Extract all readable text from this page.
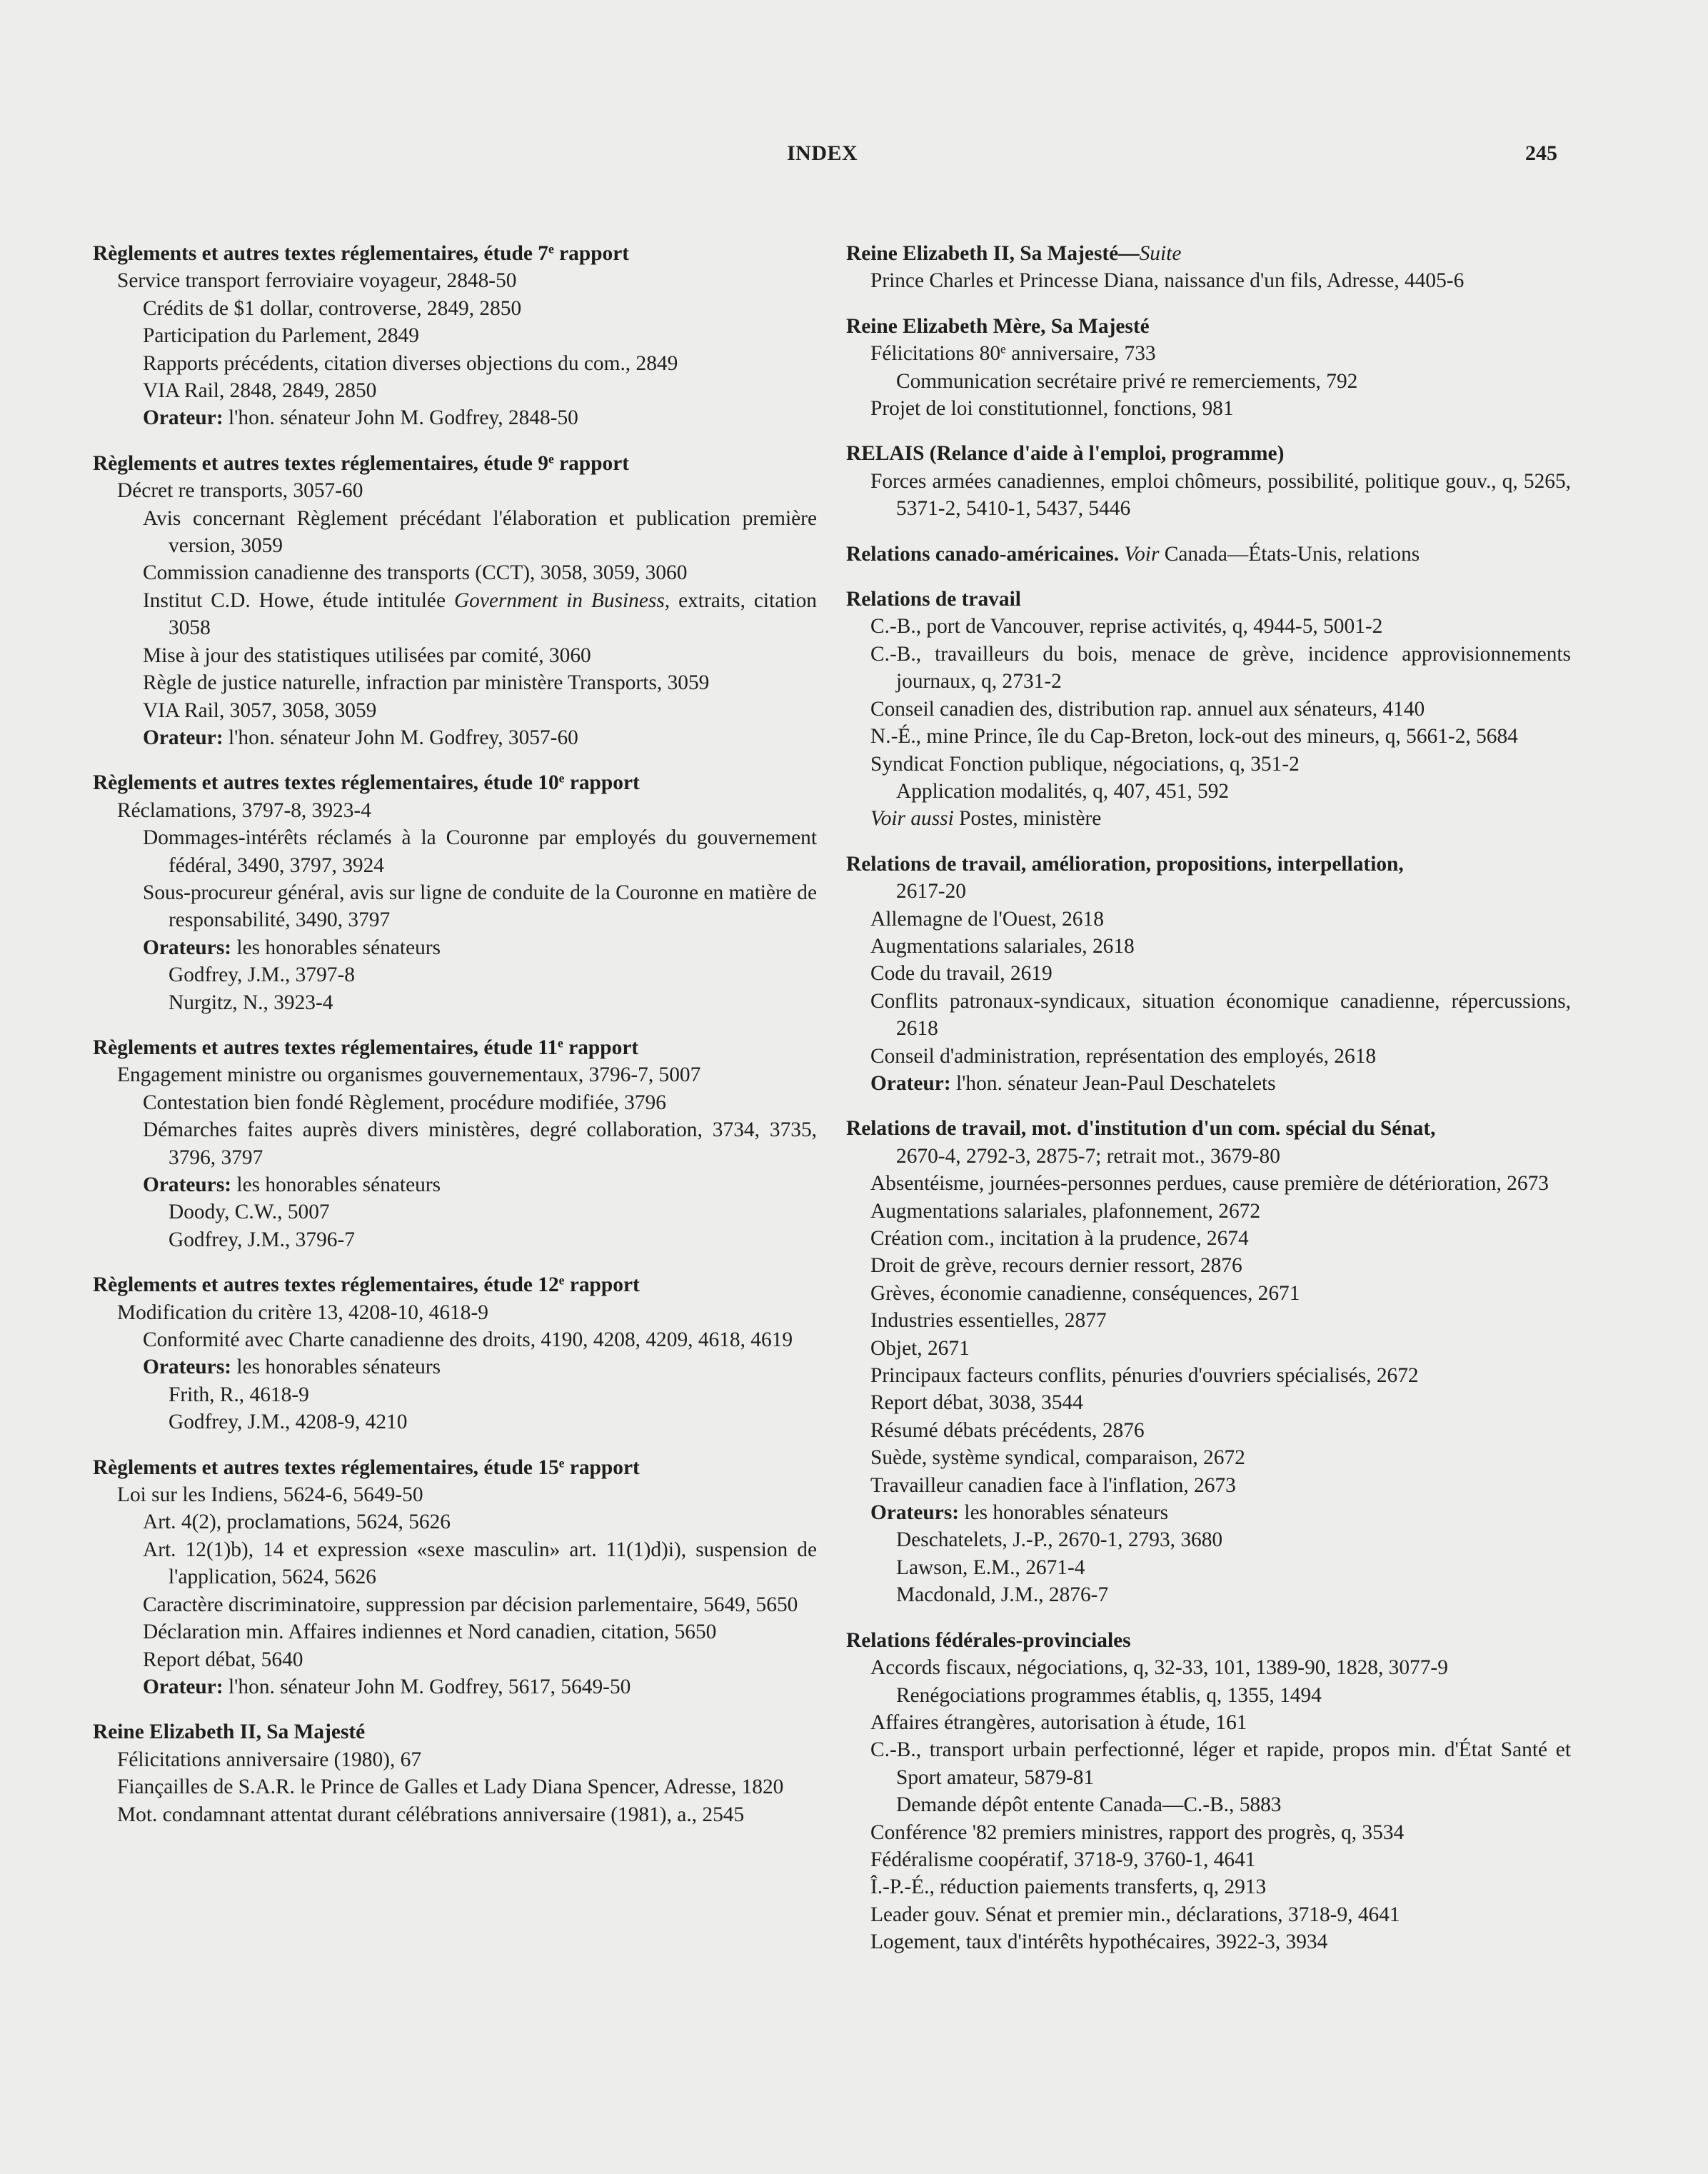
INDEX	245
Règlements et autres textes réglementaires, étude 7e rapport
Service transport ferroviaire voyageur, 2848-50
Crédits de $1 dollar, controverse, 2849, 2850
Participation du Parlement, 2849
Rapports précédents, citation diverses objections du com., 2849
VIA Rail, 2848, 2849, 2850
Orateur: l'hon. sénateur John M. Godfrey, 2848-50
Règlements et autres textes réglementaires, étude 9e rapport
Décret re transports, 3057-60
Avis concernant Règlement précédant l'élaboration et publication première version, 3059
Commission canadienne des transports (CCT), 3058, 3059, 3060
Institut C.D. Howe, étude intitulée Government in Business, extraits, citation 3058
Mise à jour des statistiques utilisées par comité, 3060
Règle de justice naturelle, infraction par ministère Transports, 3059
VIA Rail, 3057, 3058, 3059
Orateur: l'hon. sénateur John M. Godfrey, 3057-60
Règlements et autres textes réglementaires, étude 10e rapport
Réclamations, 3797-8, 3923-4
Dommages-intérêts réclamés à la Couronne par employés du gouvernement fédéral, 3490, 3797, 3924
Sous-procureur général, avis sur ligne de conduite de la Couronne en matière de responsabilité, 3490, 3797
Orateurs: les honorables sénateurs
Godfrey, J.M., 3797-8
Nurgitz, N., 3923-4
Règlements et autres textes réglementaires, étude 11e rapport
Engagement ministre ou organismes gouvernementaux, 3796-7, 5007
Contestation bien fondé Règlement, procédure modifiée, 3796
Démarches faites auprès divers ministères, degré collaboration, 3734, 3735, 3796, 3797
Orateurs: les honorables sénateurs
Doody, C.W., 5007
Godfrey, J.M., 3796-7
Règlements et autres textes réglementaires, étude 12e rapport
Modification du critère 13, 4208-10, 4618-9
Conformité avec Charte canadienne des droits, 4190, 4208, 4209, 4618, 4619
Orateurs: les honorables sénateurs
Frith, R., 4618-9
Godfrey, J.M., 4208-9, 4210
Règlements et autres textes réglementaires, étude 15e rapport
Loi sur les Indiens, 5624-6, 5649-50
Art. 4(2), proclamations, 5624, 5626
Art. 12(1)b), 14 et expression «sexe masculin» art. 11(1)d)i), suspension de l'application, 5624, 5626
Caractère discriminatoire, suppression par décision parlementaire, 5649, 5650
Déclaration min. Affaires indiennes et Nord canadien, citation, 5650
Report débat, 5640
Orateur: l'hon. sénateur John M. Godfrey, 5617, 5649-50
Reine Elizabeth II, Sa Majesté
Félicitations anniversaire (1980), 67
Fiançailles de S.A.R. le Prince de Galles et Lady Diana Spencer, Adresse, 1820
Mot. condamnant attentat durant célébrations anniversaire (1981), a., 2545
Reine Elizabeth II, Sa Majesté—Suite
Prince Charles et Princesse Diana, naissance d'un fils, Adresse, 4405-6
Reine Elizabeth Mère, Sa Majesté
Félicitations 80e anniversaire, 733
Communication secrétaire privé re remerciements, 792
Projet de loi constitutionnel, fonctions, 981
RELAIS (Relance d'aide à l'emploi, programme)
Forces armées canadiennes, emploi chômeurs, possibilité, politique gouv., q, 5265, 5371-2, 5410-1, 5437, 5446
Relations canado-américaines. Voir Canada—États-Unis, relations
Relations de travail
C.-B., port de Vancouver, reprise activités, q, 4944-5, 5001-2
C.-B., travailleurs du bois, menace de grève, incidence approvisionnements journaux, q, 2731-2
Conseil canadien des, distribution rap. annuel aux sénateurs, 4140
N.-É., mine Prince, île du Cap-Breton, lock-out des mineurs, q, 5661-2, 5684
Syndicat Fonction publique, négociations, q, 351-2
Application modalités, q, 407, 451, 592
Voir aussi Postes, ministère
Relations de travail, amélioration, propositions, interpellation,
2617-20
Allemagne de l'Ouest, 2618
Augmentations salariales, 2618
Code du travail, 2619
Conflits patronaux-syndicaux, situation économique canadienne, répercussions, 2618
Conseil d'administration, représentation des employés, 2618
Orateur: l'hon. sénateur Jean-Paul Deschatelets
Relations de travail, mot. d'institution d'un com. spécial du Sénat,
2670-4, 2792-3, 2875-7; retrait mot., 3679-80
Absentéisme, journées-personnes perdues, cause première de détérioration, 2673
Augmentations salariales, plafonnement, 2672
Création com., incitation à la prudence, 2674
Droit de grève, recours dernier ressort, 2876
Grèves, économie canadienne, conséquences, 2671
Industries essentielles, 2877
Objet, 2671
Principaux facteurs conflits, pénuries d'ouvriers spécialisés, 2672
Report débat, 3038, 3544
Résumé débats précédents, 2876
Suède, système syndical, comparaison, 2672
Travailleur canadien face à l'inflation, 2673
Orateurs: les honorables sénateurs
Deschatelets, J.-P., 2670-1, 2793, 3680
Lawson, E.M., 2671-4
Macdonald, J.M., 2876-7
Relations fédérales-provinciales
Accords fiscaux, négociations, q, 32-33, 101, 1389-90, 1828, 3077-9
Renégociations programmes établis, q, 1355, 1494
Affaires étrangères, autorisation à étude, 161
C.-B., transport urbain perfectionné, léger et rapide, propos min. d'État Santé et Sport amateur, 5879-81
Demande dépôt entente Canada—C.-B., 5883
Conférence '82 premiers ministres, rapport des progrès, q, 3534
Fédéralisme coopératif, 3718-9, 3760-1, 4641
Î.-P.-É., réduction paiements transferts, q, 2913
Leader gouv. Sénat et premier min., déclarations, 3718-9, 4641
Logement, taux d'intérêts hypothécaires, 3922-3, 3934
